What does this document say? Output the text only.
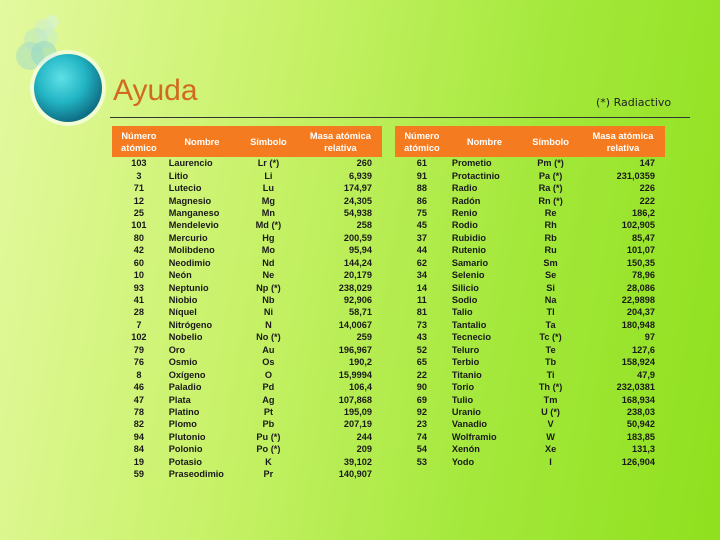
Ayuda	(*) Radiactivo
Número atómico	Nombre	Símbolo	Masa atómica relativa
103	Laurencio	Lr (*)	260
3	Litio	Li	6,939
71	Lutecio	Lu	174,97
12	Magnesio	Mg	24,305
25	Manganeso	Mn	54,938
101	Mendelevio	Md (*)	258
80	Mercurio	Hg	200,59
42	Molibdeno	Mo	95,94
60	Neodimio	Nd	144,24
10	Neón	Ne	20,179
93	Neptunio	Np (*)	238,029
41	Niobio	Nb	92,906
28	Níquel	Ni	58,71
7	Nitrógeno	N	14,0067
102	Nobelio	No (*)	259
79	Oro	Au	196,967
76	Osmio	Os	190,2
8	Oxígeno	O	15,9994
46	Paladio	Pd	106,4
47	Plata	Ag	107,868
78	Platino	Pt	195,09
82	Plomo	Pb	207,19
94	Plutonio	Pu (*)	244
84	Polonio	Po (*)	209
19	Potasio	K	39,102
59	Praseodimio	Pr	140,907
Número atómico	Nombre	Símbolo	Masa atómica relativa
61	Prometio	Pm (*)	147
91	Protactinio	Pa (*)	231,0359
88	Radio	Ra (*)	226
86	Radón	Rn (*)	222
75	Renio	Re	186,2
45	Rodio	Rh	102,905
37	Rubidio	Rb	85,47
44	Rutenio	Ru	101,07
62	Samario	Sm	150,35
34	Selenio	Se	78,96
14	Silicio	Si	28,086
11	Sodio	Na	22,9898
81	Talio	Tl	204,37
73	Tantalio	Ta	180,948
43	Tecnecio	Tc (*)	97
52	Teluro	Te	127,6
65	Terbio	Tb	158,924
22	Titanio	Ti	47,9
90	Torio	Th (*)	232,0381
69	Tulio	Tm	168,934
92	Uranio	U (*)	238,03
23	Vanadio	V	50,942
74	Wolframio	W	183,85
54	Xenón	Xe	131,3
53	Yodo	I	126,904
